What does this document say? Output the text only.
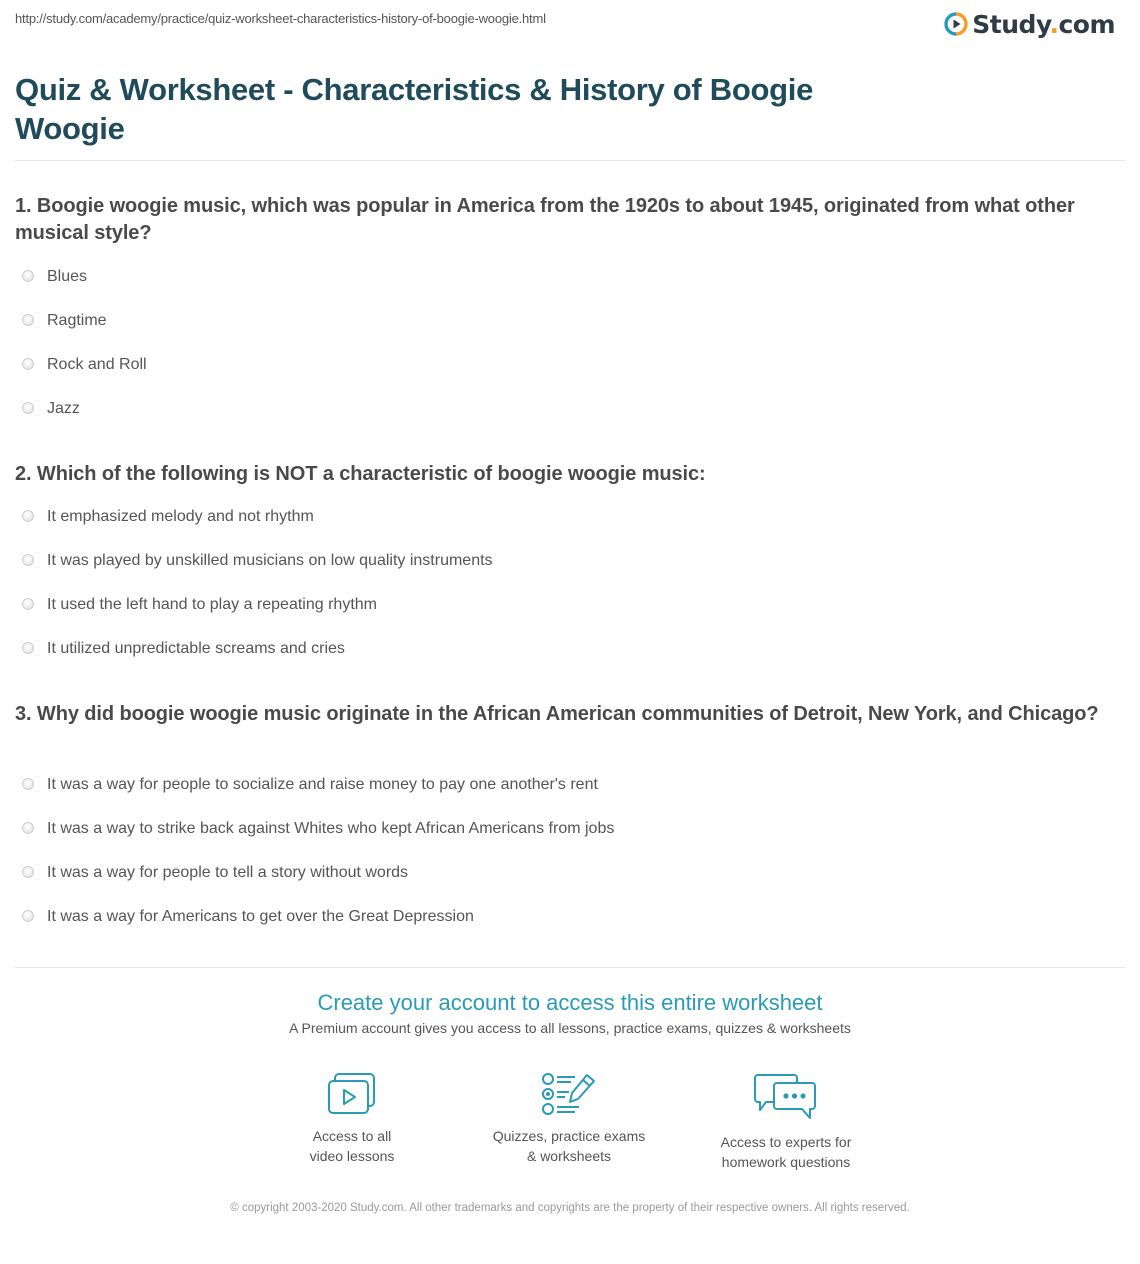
http://study.com/academy/practice/quiz-worksheet-characteristics-history-of-boogie-woogie.html	Study.com
Quiz & Worksheet - Characteristics & History of Boogie Woogie
1. Boogie woogie music, which was popular in America from the 1920s to about 1945, originated from what other musical style?
Blues
Ragtime
Rock and Roll
Jazz
2. Which of the following is NOT a characteristic of boogie woogie music:
It emphasized melody and not rhythm
It was played by unskilled musicians on low quality instruments
It used the left hand to play a repeating rhythm
It utilized unpredictable screams and cries
3. Why did boogie woogie music originate in the African American communities of Detroit, New York, and Chicago?
It was a way for people to socialize and raise money to pay one another's rent
It was a way to strike back against Whites who kept African Americans from jobs
It was a way for people to tell a story without words
It was a way for Americans to get over the Great Depression
Create your account to access this entire worksheet
A Premium account gives you access to all lessons, practice exams, quizzes & worksheets
Access to all
video lessons
Quizzes, practice exams
& worksheets
Access to experts for
homework questions
© copyright 2003-2020 Study.com. All other trademarks and copyrights are the property of their respective owners. All rights reserved.
